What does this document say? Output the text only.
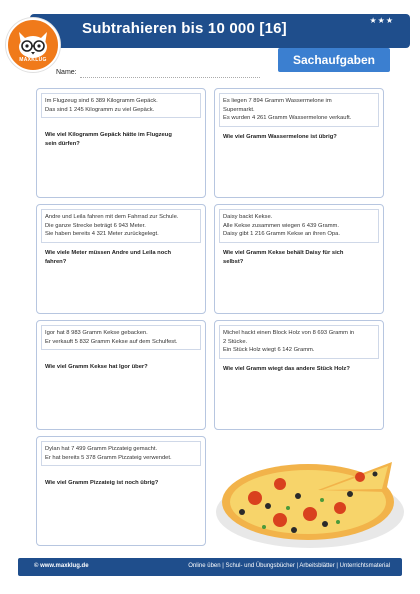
Subtrahieren bis 10 000 [16]	★★★
MAXKLUG	Sachaufgaben
Name:
Im Flugzeug sind 6 389 Kilogramm Gepäck.
Das sind 1 245 Kilogramm zu viel Gepäck.
Wie viel Kilogramm Gepäck hätte im Flugzeug
sein dürfen?
Es liegen 7 894 Gramm Wassermelone im
Supermarkt.
Es wurden 4 261 Gramm Wassermelone verkauft.
Wie viel Gramm Wassermelone ist übrig?
Andre und Leila fahren mit dem Fahrrad zur Schule.
Die ganze Strecke beträgt 6 943 Meter.
Sie haben bereits 4 321 Meter zurückgelegt.
Wie viele Meter müssen Andre und Leila noch
fahren?
Daisy backt Kekse.
Alle Kekse zusammen wiegen 6 439 Gramm.
Daisy gibt 1 216 Gramm Kekse an ihren Opa.
Wie viel Gramm Kekse behält Daisy für sich
selbst?
Igor hat 8 983 Gramm Kekse gebacken.
Er verkauft 5 832 Gramm Kekse auf dem Schulfest.
Wie viel Gramm Kekse hat Igor über?
Michel hackt einen Block Holz von 8 693 Gramm in
2 Stücke.
Ein Stück Holz wiegt 6 142 Gramm.
Wie viel Gramm wiegt das andere Stück Holz?
Dylan hat 7 499 Gramm Pizzateig gemacht.
Er hat bereits 5 378 Gramm Pizzateig verwendet.
Wie viel Gramm Pizzateig ist noch übrig?
© www.maxklug.de	Online üben | Schul- und Übungsbücher | Arbeitsblätter | Unterrichtsmaterial
